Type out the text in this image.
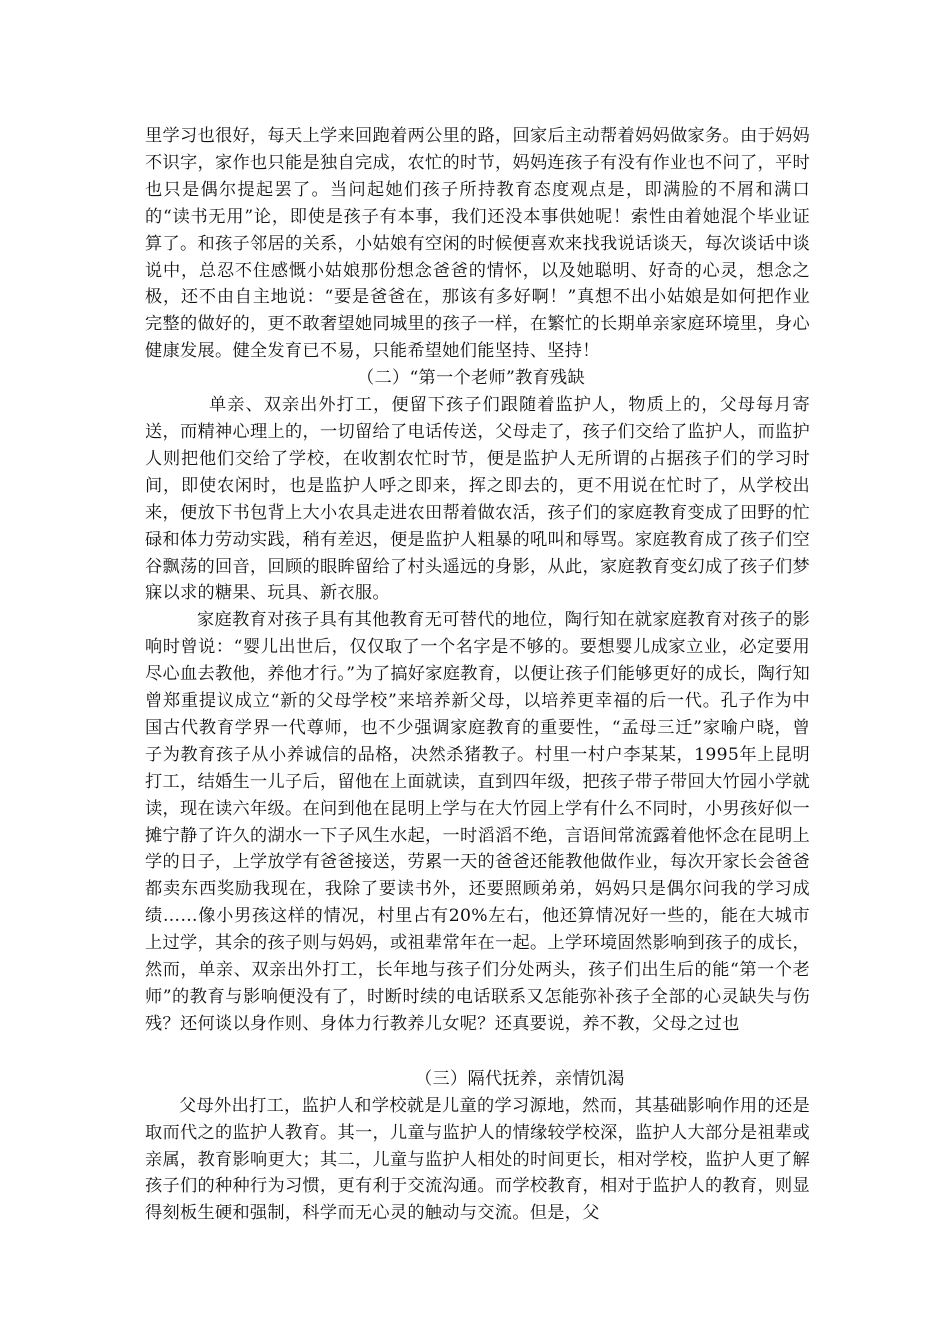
里学习也很好，每天上学来回跑着两公里的路，回家后主动帮着妈妈做家务。由于妈妈不识字，家作也只能是独自完成，农忙的时节，妈妈连孩子有没有作业也不问了，平时也只是偶尔提起罢了。当问起她们孩子所持教育态度观点是，即满脸的不屑和满口的“读书无用”论，即使是孩子有本事，我们还没本事供她呢！索性由着她混个毕业证算了。和孩子邻居的关系，小姑娘有空闲的时候便喜欢来找我说话谈天，每次谈话中谈说中，总忍不住感慨小姑娘那份想念爸爸的情怀，以及她聪明、好奇的心灵，想念之极，还不由自主地说：“要是爸爸在，那该有多好啊！”真想不出小姑娘是如何把作业完整的做好的，更不敢奢望她同城里的孩子一样，在繁忙的长期单亲家庭环境里，身心健康发展。健全发育已不易，只能希望她们能坚持、坚持！

（二）“第一个老师”教育残缺

单亲、双亲出外打工，便留下孩子们跟随着监护人，物质上的，父母每月寄送，而精神心理上的，一切留给了电话传送，父母走了，孩子们交给了监护人，而监护人则把他们交给了学校，在收割农忙时节，便是监护人无所谓的占据孩子们的学习时间，即使农闲时，也是监护人呼之即来，挥之即去的，更不用说在忙时了，从学校出来，便放下书包背上大小农具走进农田帮着做农活，孩子们的家庭教育变成了田野的忙碌和体力劳动实践，稍有差迟，便是监护人粗暴的吼叫和辱骂。家庭教育成了孩子们空谷飘荡的回音，回顾的眼眸留给了村头遥远的身影，从此，家庭教育变幻成了孩子们梦寐以求的糖果、玩具、新衣服。

家庭教育对孩子具有其他教育无可替代的地位，陶行知在就家庭教育对孩子的影响时曾说：“婴儿出世后，仅仅取了一个名字是不够的。要想婴儿成家立业，必定要用尽心血去教他，养他才行。”为了搞好家庭教育，以便让孩子们能够更好的成长，陶行知曾郑重提议成立“新的父母学校”来培养新父母，以培养更幸福的后一代。孔子作为中国古代教育学界一代尊师，也不少强调家庭教育的重要性，“孟母三迁”家喻户晓，曾子为教育孩子从小养诚信的品格，决然杀猪教子。村里一村户李某某，1995年上昆明打工，结婚生一儿子后，留他在上面就读，直到四年级，把孩子带子带回大竹园小学就读，现在读六年级。在问到他在昆明上学与在大竹园上学有什么不同时，小男孩好似一摊宁静了许久的湖水一下子风生水起，一时滔滔不绝，言语间常流露着他怀念在昆明上学的日子，上学放学有爸爸接送，劳累一天的爸爸还能教他做作业，每次开家长会爸爸都卖东西奖励我现在，我除了要读书外，还要照顾弟弟，妈妈只是偶尔问我的学习成绩……像小男孩这样的情况，村里占有20%左右，他还算情况好一些的，能在大城市上过学，其余的孩子则与妈妈，或祖辈常年在一起。上学环境固然影响到孩子的成长，然而，单亲、双亲出外打工，长年地与孩子们分处两头，孩子们出生后的能“第一个老师”的教育与影响便没有了，时断时续的电话联系又怎能弥补孩子全部的心灵缺失与伤残？还何谈以身作则、身体力行教养儿女呢？还真要说，养不教，父母之过也

（三）隔代抚养，亲情饥渴

父母外出打工，监护人和学校就是儿童的学习源地，然而，其基础影响作用的还是取而代之的监护人教育。其一，儿童与监护人的情缘较学校深，监护人大部分是祖辈或亲属，教育影响更大；其二，儿童与监护人相处的时间更长，相对学校，监护人更了解孩子们的种种行为习惯，更有利于交流沟通。而学校教育，相对于监护人的教育，则显得刻板生硬和强制，科学而无心灵的触动与交流。但是，父
